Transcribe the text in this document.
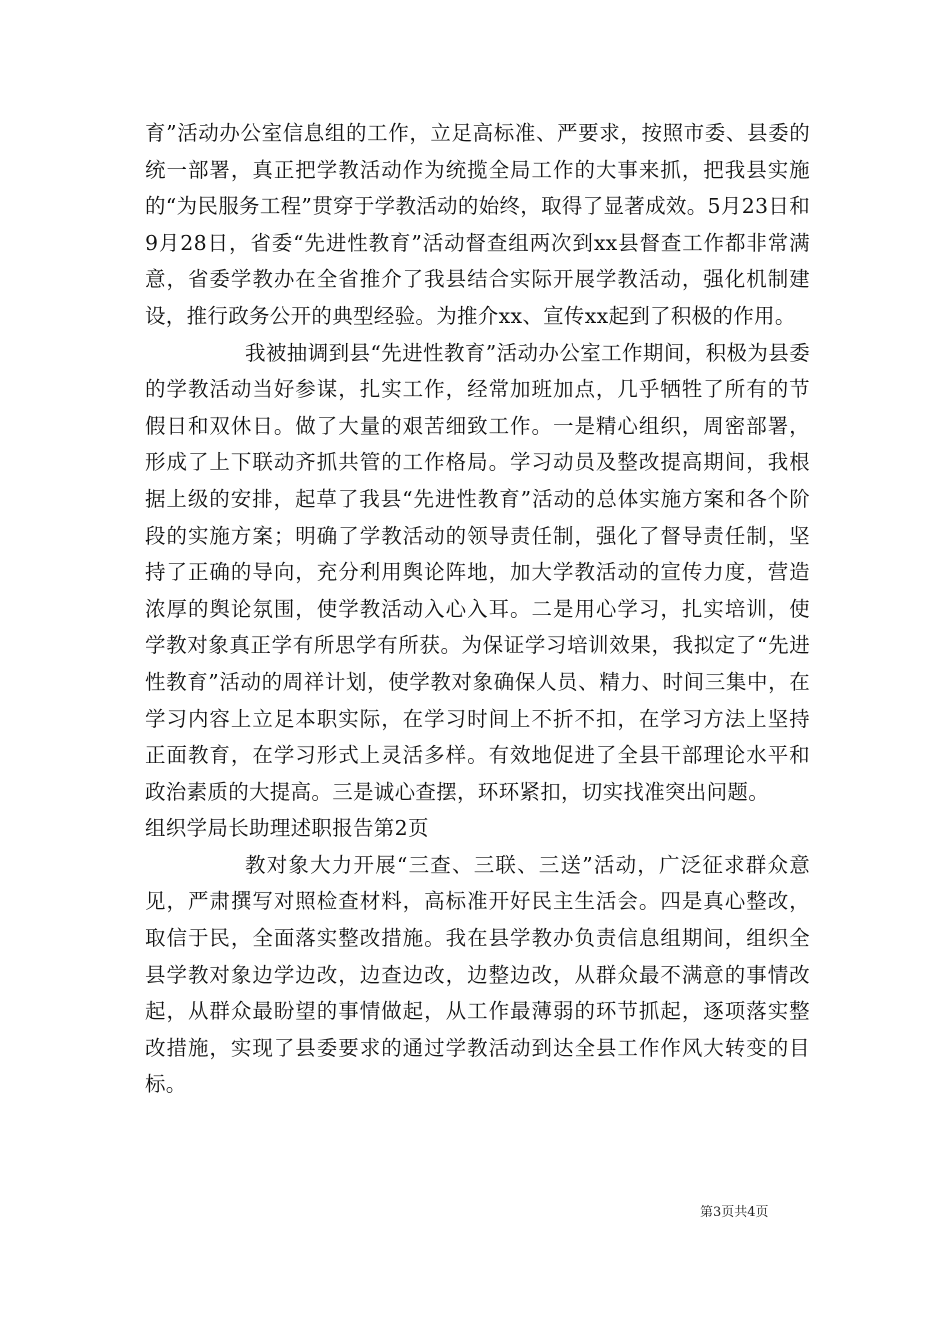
育”活动办公室信息组的工作，立足高标准、严要求，按照市委、县委的统一部署，真正把学教活动作为统揽全局工作的大事来抓，把我县实施的“为民服务工程”贯穿于学教活动的始终，取得了显著成效。5月23日和9月28日，省委“先进性教育”活动督查组两次到xx县督查工作都非常满意，省委学教办在全省推介了我县结合实际开展学教活动，强化机制建设，推行政务公开的典型经验。为推介xx、宣传xx起到了积极的作用。

我被抽调到县“先进性教育”活动办公室工作期间，积极为县委的学教活动当好参谋，扎实工作，经常加班加点，几乎牺牲了所有的节假日和双休日。做了大量的艰苦细致工作。一是精心组织，周密部署，形成了上下联动齐抓共管的工作格局。学习动员及整改提高期间，我根据上级的安排，起草了我县“先进性教育”活动的总体实施方案和各个阶段的实施方案；明确了学教活动的领导责任制，强化了督导责任制，坚持了正确的导向，充分利用舆论阵地，加大学教活动的宣传力度，营造浓厚的舆论氛围，使学教活动入心入耳。二是用心学习，扎实培训，使学教对象真正学有所思学有所获。为保证学习培训效果，我拟定了“先进性教育”活动的周祥计划，使学教对象确保人员、精力、时间三集中，在学习内容上立足本职实际，在学习时间上不折不扣，在学习方法上坚持正面教育，在学习形式上灵活多样。有效地促进了全县干部理论水平和政治素质的大提高。三是诚心查摆，环环紧扣，切实找准突出问题。

组织学局长助理述职报告第2页

教对象大力开展“三查、三联、三送”活动，广泛征求群众意见，严肃撰写对照检查材料，高标准开好民主生活会。四是真心整改，取信于民，全面落实整改措施。我在县学教办负责信息组期间，组织全县学教对象边学边改，边查边改，边整边改，从群众最不满意的事情改起，从群众最盼望的事情做起，从工作最薄弱的环节抓起，逐项落实整改措施，实现了县委要求的通过学教活动到达全县工作作风大转变的目标。

第3页共4页
